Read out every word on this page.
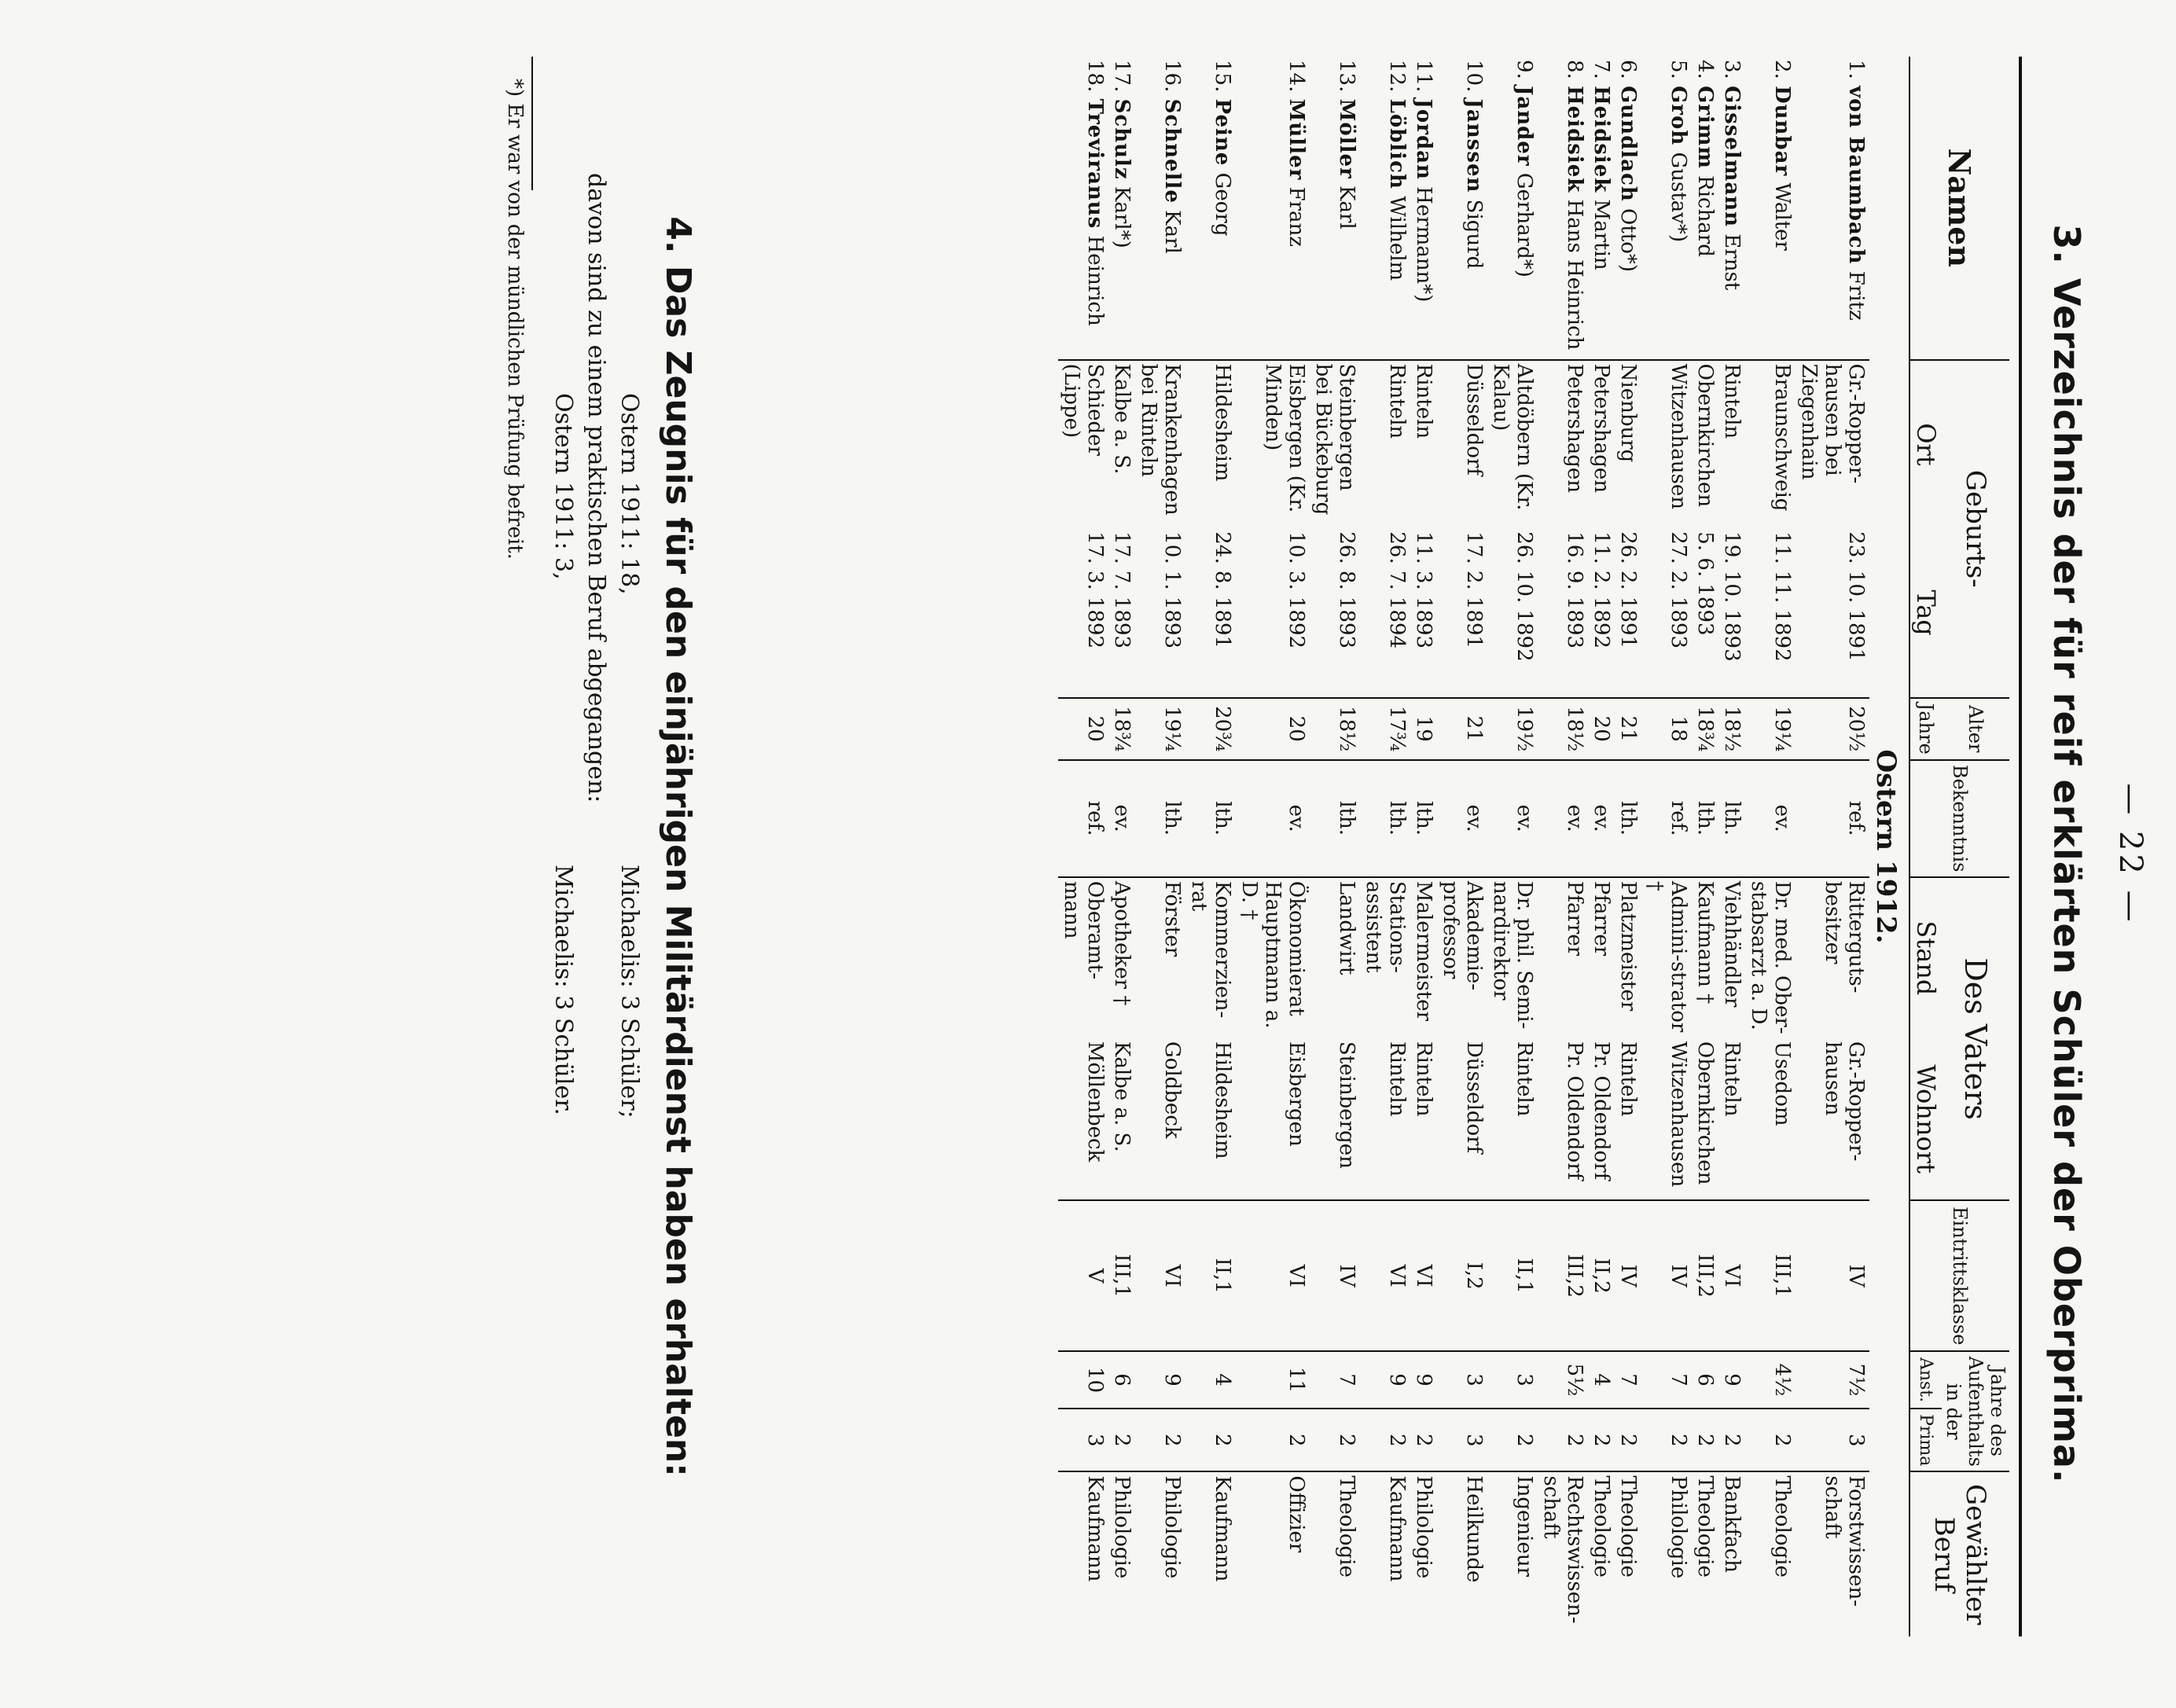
— 22 —
3. Verzeichnis der für reif erklärten Schüler der Oberprima.
Namen	Geburts-		Alter	Bekenntnis	Des Vaters		Eintrittsklasse	Jahre des Aufenthalts in der		Gewählter Beruf
	Ort	Tag	Jahre		Stand	Wohnort		Anst.	Prima	
Ostern 1912.										
1. von Baumbach Fritz	Gr.-Ropper-hausen bei Ziegenhain	23. 10. 1891	20½	ref.	Ritterguts-besitzer	Gr.-Ropper-hausen	IV	7½	3	Forstwissen-schaft
2. Dunbar Walter	Braunschweig	11. 11. 1892	19¼	ev.	Dr. med. Ober-stabsarzt a. D.	Usedom	III,1	4½	2	Theologie
3. Gisselmann Ernst	Rinteln	19. 10. 1893	18½	lth.	Viehhändler	Rinteln	VI	9	2	Bankfach
4. Grimm Richard	Obernkirchen	5. 6. 1893	18¾	lth.	Kaufmann †	Obernkirchen	III,2	6	2	Theologie
5. Groh Gustav*)	Witzenhausen	27. 2. 1893	18	ref.	Admini-strator †	Witzenhausen	IV	7	2	Philologie
6. Gundlach Otto*)	Nienburg	26. 2. 1891	21	lth.	Platzmeister	Rinteln	IV	7	2	Theologie
7. Heidsiek Martin	Petershagen	11. 2. 1892	20	ev.	Pfarrer	Pr. Oldendorf	II,2	4	2	Theologie
8. Heidsiek Hans Heinrich	Petershagen	16. 9. 1893	18½	ev.	Pfarrer	Pr. Oldendorf	III,2	5½	2	Rechtswissen-schaft
9. Jander Gerhard*)	Altdöbern (Kr. Kalau)	26. 10. 1892	19½	ev.	Dr. phil. Semi-nardirektor	Rinteln	II,1	3	2	Ingenieur
10. Janssen Sigurd	Düsseldorf	17. 2. 1891	21	ev.	Akademie-professor	Düsseldorf	I,2	3	3	Heilkunde
11. Jordan Hermann*)	Rinteln	11. 3. 1893	19	lth.	Malermeister	Rinteln	VI	9	2	Philologie
12. Löblich Wilhelm	Rinteln	26. 7. 1894	17¾	lth.	Stations-assistent	Rinteln	VI	9	2	Kaufmann
13. Möller Karl	Steinbergen bei Bückeburg	26. 8. 1893	18½	lth.	Landwirt	Steinbergen	IV	7	2	Theologie
14. Müller Franz	Eisbergen (Kr. Minden)	10. 3. 1892	20	ev.	Ökonomierat Hauptmann a. D. †	Eisbergen	VI	11	2	Offizier
15. Peine Georg	Hildesheim	24. 8. 1891	20¾	lth.	Kommerzien-rat	Hildesheim	II,1	4	2	Kaufmann
16. Schnelle Karl	Krankenhagen bei Rinteln	10. 1. 1893	19¼	lth.	Förster	Goldbeck	VI	9	2	Philologie
17. Schulz Karl*)	Kalbe a. S.	17. 7. 1893	18¾	ev.	Apotheker †	Kalbe a. S.	III,1	6	2	Philologie
18. Treviranus Heinrich	Schieder (Lippe)	17. 3. 1892	20	ref.	Oberamt-mann	Möllenbeck	V	10	3	Kaufmann
4. Das Zeugnis für den einjährigen Militärdienst haben erhalten:
Ostern 1911: 18,
Michaelis: 3 Schüler;
davon sind zu einem praktischen Beruf abgegangen:
Ostern 1911: 3,
Michaelis: 3 Schüler.
*) Er war von der mündlichen Prüfung befreit.
